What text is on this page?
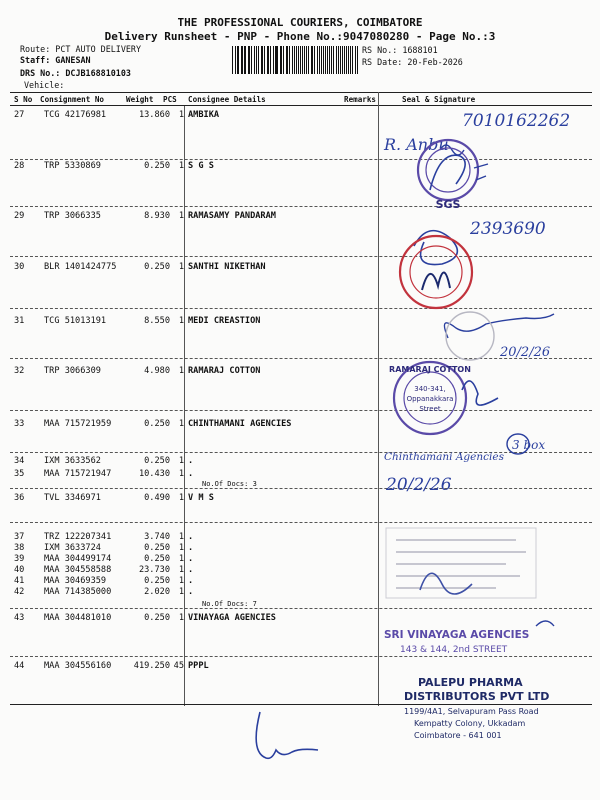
THE PROFESSIONAL COURIERS, COIMBATORE
Delivery Runsheet - PNP - Phone No.:9047080280 - Page No.:3
Route: PCT AUTO DELIVERY
Staff: GANESAN
DRS No.: DCJB168810103
Vehicle:
RS No.: 1688101
RS Date: 20-Feb-2026
S No Consignment No	Weight PCS Consignee Details	Remarks	Seal & Signature
27 TCG 42176981	13.860	1 AMBIKA
28 TRP 5330869	0.250	1 S G S
29 TRP 3066335	8.930	1 RAMASAMY PANDARAM
30 BLR 1401424775	0.250	1 SANTHI NIKETHAN
31 TCG 51013191	8.550	1 MEDI CREASTION
32 TRP 3066309	4.980	1 RAMARAJ COTTON
33 MAA 715721959	0.250	1 CHINTHAMANI AGENCIES
34 IXM 3633562	0.250	1 .
35 MAA 715721947	10.430	1 .
36 TVL 3346971	0.490	1 V M S
37 TRZ 122207341	3.740	1 .
38 IXM 3633724	0.250	1 .
39 MAA 304499174	0.250	1 .
40 MAA 304558588	23.730	1 .
41 MAA 30469359	0.250	1 .
42 MAA 714385000	2.020	1 .
43 MAA 304481010	0.250	1 VINAYAGA AGENCIES
44 MAA 304556160	419.250 45 PPPL
No.Of Docs: 3
No.Of Docs: 7
7010162262
R. Anbu
SGS
2393690
20/2/26
RAMARAJ COTTON
340-341,
Oppanakkara
Street
Chinthamani Agencies
3 box
20/2/26
SRI VINAYAGA AGENCIES
143 & 144, 2nd STREET
PALEPU PHARMA
DISTRIBUTORS PVT LTD
1199/4A1, Selvapuram Pass Road
Kempatty Colony, Ukkadam
Coimbatore - 641 001
